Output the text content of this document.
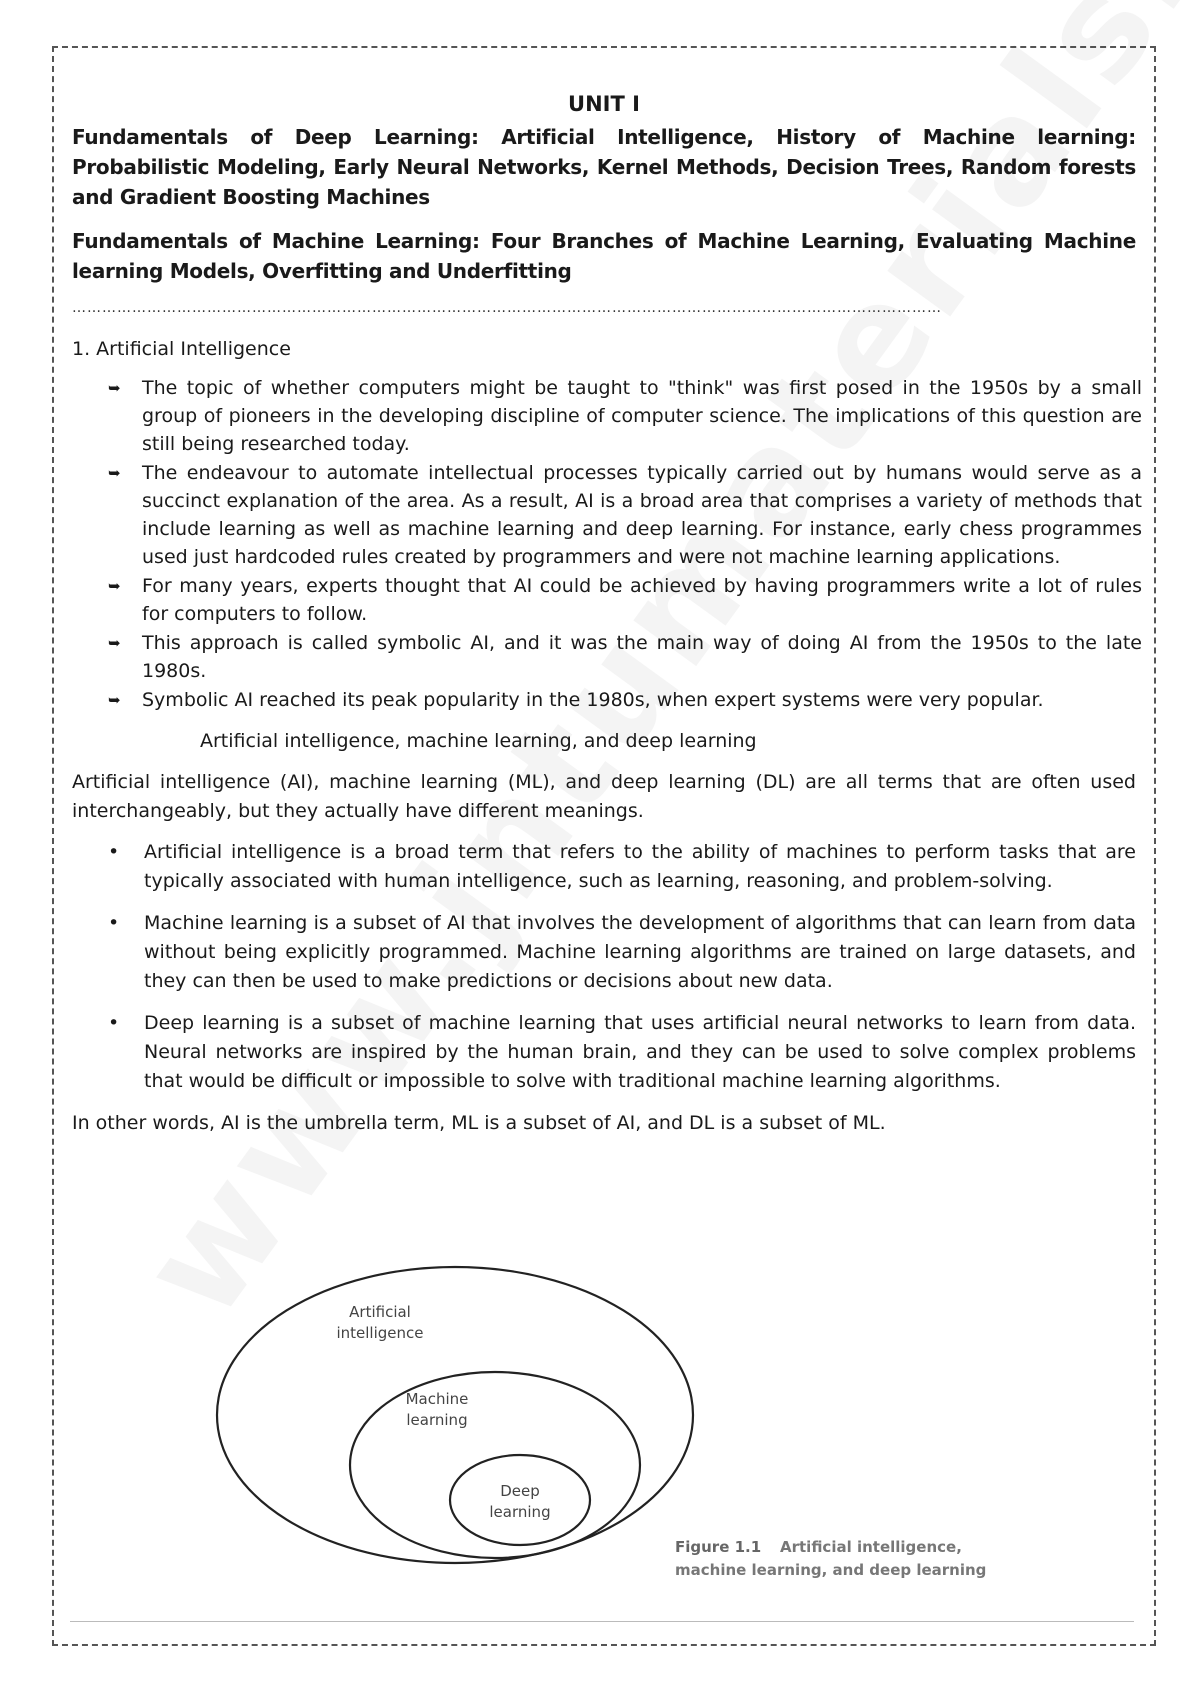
UNIT I
Fundamentals of Deep Learning: Artificial Intelligence, History of Machine learning: Probabilistic Modeling, Early Neural Networks, Kernel Methods, Decision Trees, Random forests and Gradient Boosting Machines
Fundamentals of Machine Learning: Four Branches of Machine Learning, Evaluating Machine learning Models, Overfitting and Underfitting
…………………………………………………………………………………………………………………………………………………………
1. Artificial Intelligence
➥ The topic of whether computers might be taught to "think" was first posed in the 1950s by a small group of pioneers in the developing discipline of computer science. The implications of this question are still being researched today.
➥ The endeavour to automate intellectual processes typically carried out by humans would serve as a succinct explanation of the area. As a result, AI is a broad area that comprises a variety of methods that include learning as well as machine learning and deep learning. For instance, early chess programmes used just hardcoded rules created by programmers and were not machine learning applications.
➥ For many years, experts thought that AI could be achieved by having programmers write a lot of rules for computers to follow.
➥ This approach is called symbolic AI, and it was the main way of doing AI from the 1950s to the late 1980s.
➥ Symbolic AI reached its peak popularity in the 1980s, when expert systems were very popular.
Artificial intelligence, machine learning, and deep learning
Artificial intelligence (AI), machine learning (ML), and deep learning (DL) are all terms that are often used interchangeably, but they actually have different meanings.
• Artificial intelligence is a broad term that refers to the ability of machines to perform tasks that are typically associated with human intelligence, such as learning, reasoning, and problem-solving.
• Machine learning is a subset of AI that involves the development of algorithms that can learn from data without being explicitly programmed. Machine learning algorithms are trained on large datasets, and they can then be used to make predictions or decisions about new data.
• Deep learning is a subset of machine learning that uses artificial neural networks to learn from data. Neural networks are inspired by the human brain, and they can be used to solve complex problems that would be difficult or impossible to solve with traditional machine learning algorithms.
In other words, AI is the umbrella term, ML is a subset of AI, and DL is a subset of ML.
Artificial
intelligence
Machine
learning
Deep
learning
Figure 1.1 Artificial intelligence,
machine learning, and deep learning
